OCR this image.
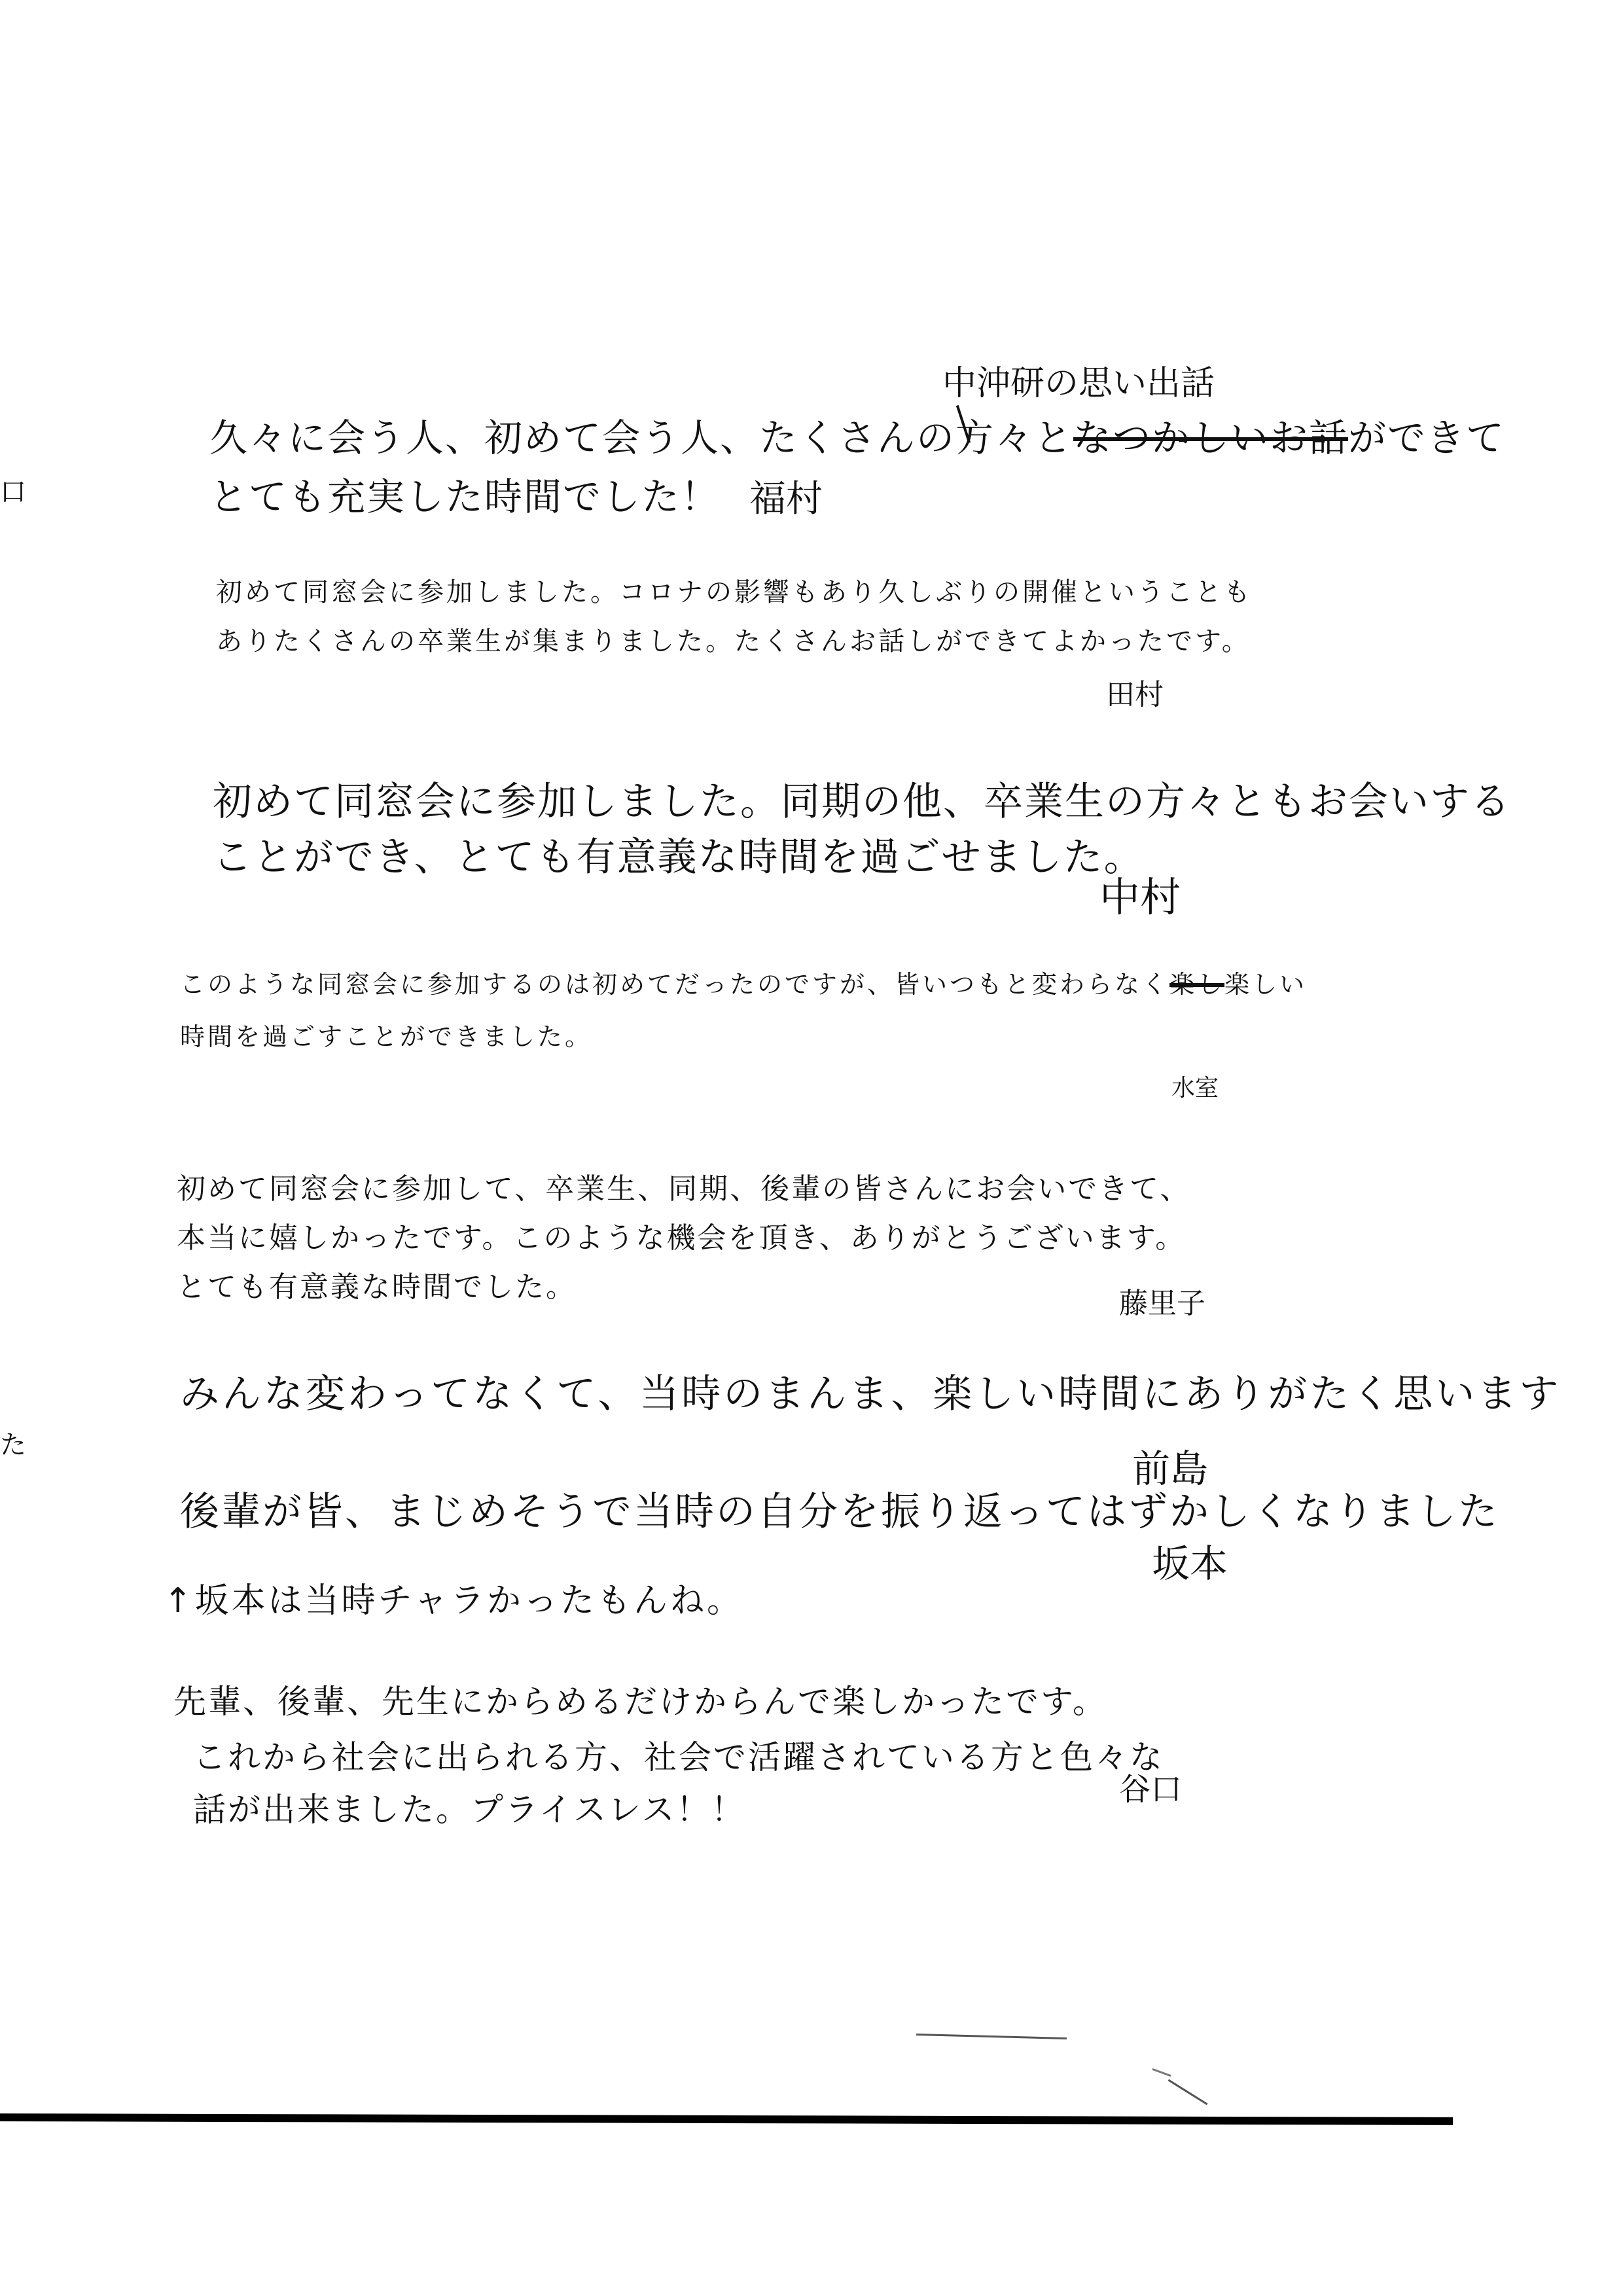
中沖研の思い出話
久々に会う人、初めて会う人、たくさんの方々となつかしいお話ができて
とても充実した時間でした！ 福村
初めて同窓会に参加しました。コロナの影響もあり久しぶりの開催ということも
ありたくさんの卒業生が集まりました。たくさんお話しができてよかったです。
田村
初めて同窓会に参加しました。同期の他、卒業生の方々ともお会いする
ことができ、とても有意義な時間を過ごせました。
中村
このような同窓会に参加するのは初めてだったのですが、皆いつもと変わらなく楽し楽しい
時間を過ごすことができました。
水室
初めて同窓会に参加して、卒業生、同期、後輩の皆さんにお会いできて、
本当に嬉しかったです。このような機会を頂き、ありがとうございます。
とても有意義な時間でした。	藤里子
みんな変わってなくて、当時のまんま、楽しい時間にありがたく思います
前島
後輩が皆、まじめそうで当時の自分を振り返ってはずかしくなりました
坂本
↑坂本は当時チャラかったもんね。
先輩、後輩、先生にからめるだけからんで楽しかったです。
これから社会に出られる方、社会で活躍されている方と色々な
話が出来ました。プライスレス！！
谷口
口
た
